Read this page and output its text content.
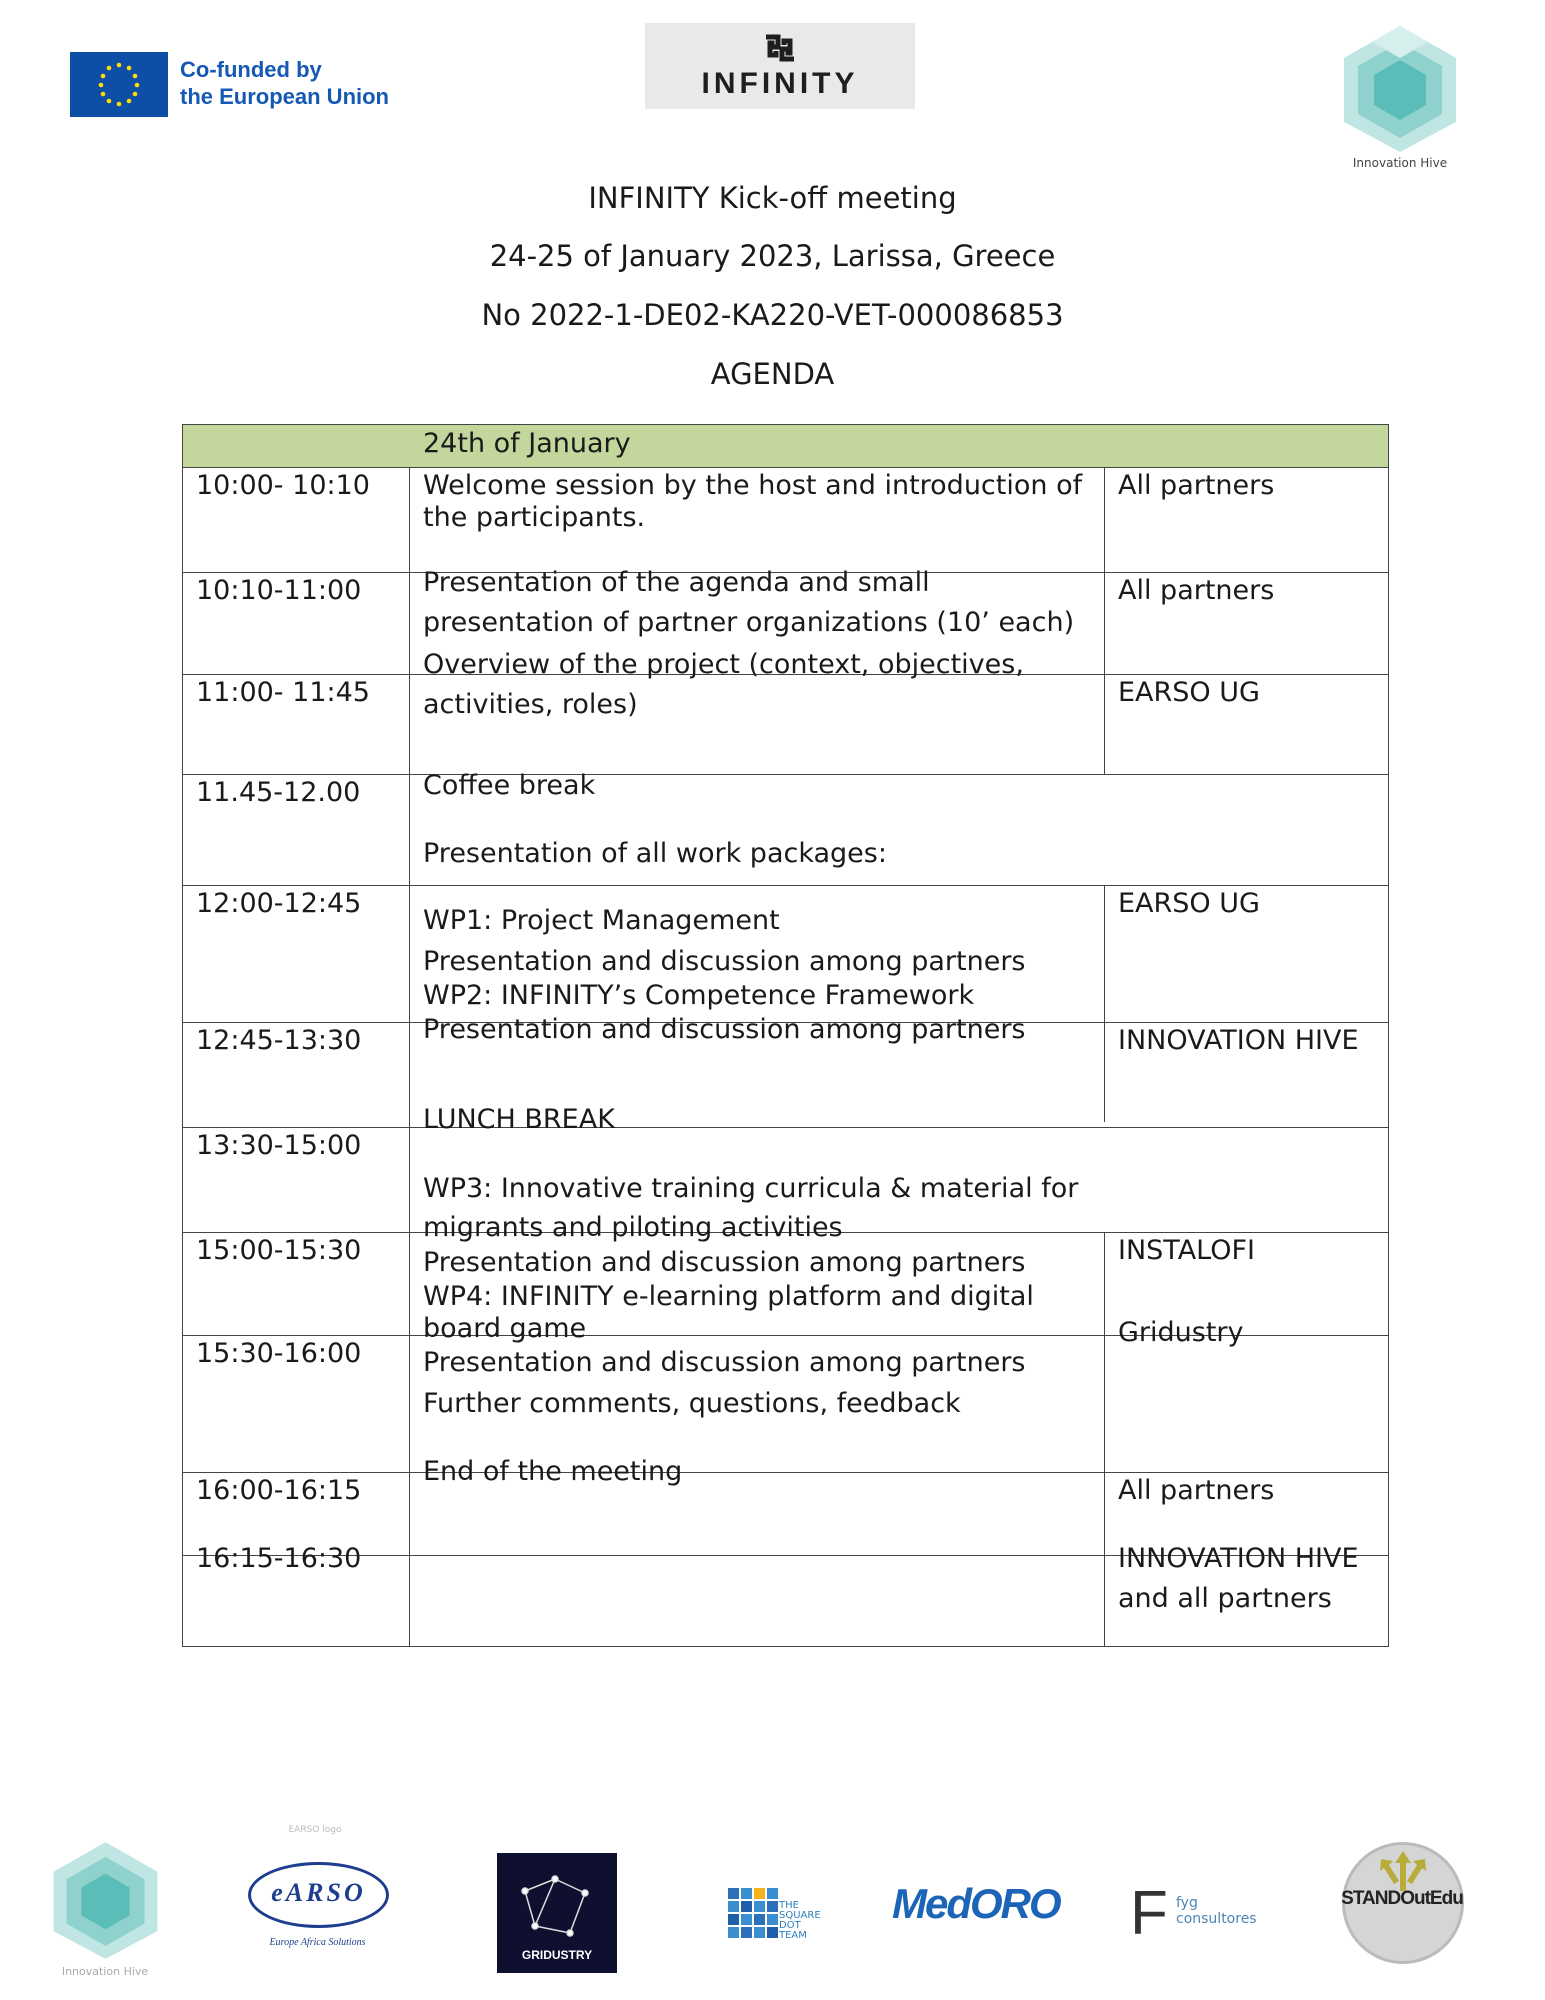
Co-funded by
the European Union	INFINITY
Innovation Hive
INFINITY Kick-off meeting
24-25 of January 2023, Larissa, Greece
No 2022-1-DE02-KA220-VET-000086853
AGENDA
24th of January
10:00- 10:10
10:10-11:00
11:00- 11:45
11.45-12.00
12:00-12:45
12:45-13:30
13:30-15:00
15:00-15:30
15:30-16:00
16:00-16:15
16:15-16:30
Welcome session by the host and introduction of
the participants.
Presentation of the agenda and small
presentation of partner organizations (10’ each)
Overview of the project (context, objectives,
activities, roles)
Coffee break
Presentation of all work packages:
WP1: Project Management
Presentation and discussion among partners
WP2: INFINITY’s Competence Framework
Presentation and discussion among partners
LUNCH BREAK
WP3: Innovative training curricula & material for
migrants and piloting activities
Presentation and discussion among partners
WP4: INFINITY e-learning platform and digital
board game
Presentation and discussion among partners
Further comments, questions, feedback
End of the meeting
All partners
All partners
EARSO UG
EARSO UG
INNOVATION HIVE
INSTALOFI
Gridustry
All partners
INNOVATION HIVE
and all partners
Innovation Hive
EARSO logo
eARSO
Europe Africa Solutions
GRIDUSTRY
THE
SQUARE
DOT
TEAM
MedORO F fyg
consultores
STANDOutEdu
